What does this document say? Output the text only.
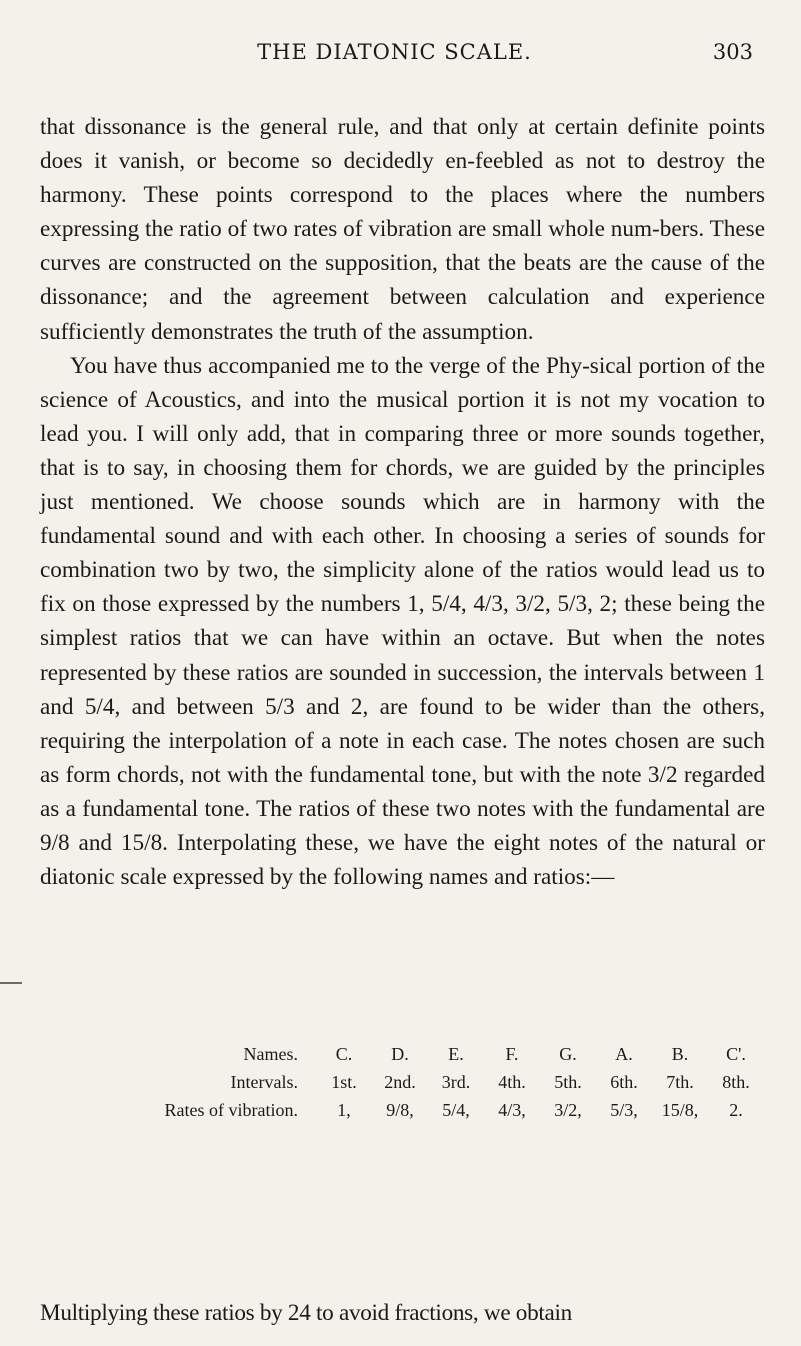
THE DIATONIC SCALE.	303

that dissonance is the general rule, and that only at certain definite points does it vanish, or become so decidedly en-feebled as not to destroy the harmony. These points correspond to the places where the numbers expressing the ratio of two rates of vibration are small whole num-bers. These curves are constructed on the supposition, that the beats are the cause of the dissonance; and the agreement between calculation and experience sufficiently demonstrates the truth of the assumption.

You have thus accompanied me to the verge of the Phy-sical portion of the science of Acoustics, and into the musical portion it is not my vocation to lead you. I will only add, that in comparing three or more sounds together, that is to say, in choosing them for chords, we are guided by the principles just mentioned. We choose sounds which are in harmony with the fundamental sound and with each other. In choosing a series of sounds for combination two by two, the simplicity alone of the ratios would lead us to fix on those expressed by the numbers 1, 5/4, 4/3, 3/2, 5/3, 2; these being the simplest ratios that we can have within an octave. But when the notes represented by these ratios are sounded in succession, the intervals between 1 and 5/4, and between 5/3 and 2, are found to be wider than the others, requiring the interpolation of a note in each case. The notes chosen are such as form chords, not with the fundamental tone, but with the note 3/2 regarded as a fundamental tone. The ratios of these two notes with the fundamental are 9/8 and 15/8. Interpolating these, we have the eight notes of the natural or diatonic scale expressed by the following names and ratios:—

Names.	C.	D.	E.	F.	G.	A.	B.	C'.
Intervals.	1st.	2nd.	3rd.	4th.	5th.	6th.	7th.	8th.
Rates of vibration.	1,	9/8,	5/4,	4/3,	3/2,	5/3,	15/8,	2.
Multiplying these ratios by 24 to avoid fractions, we obtain
